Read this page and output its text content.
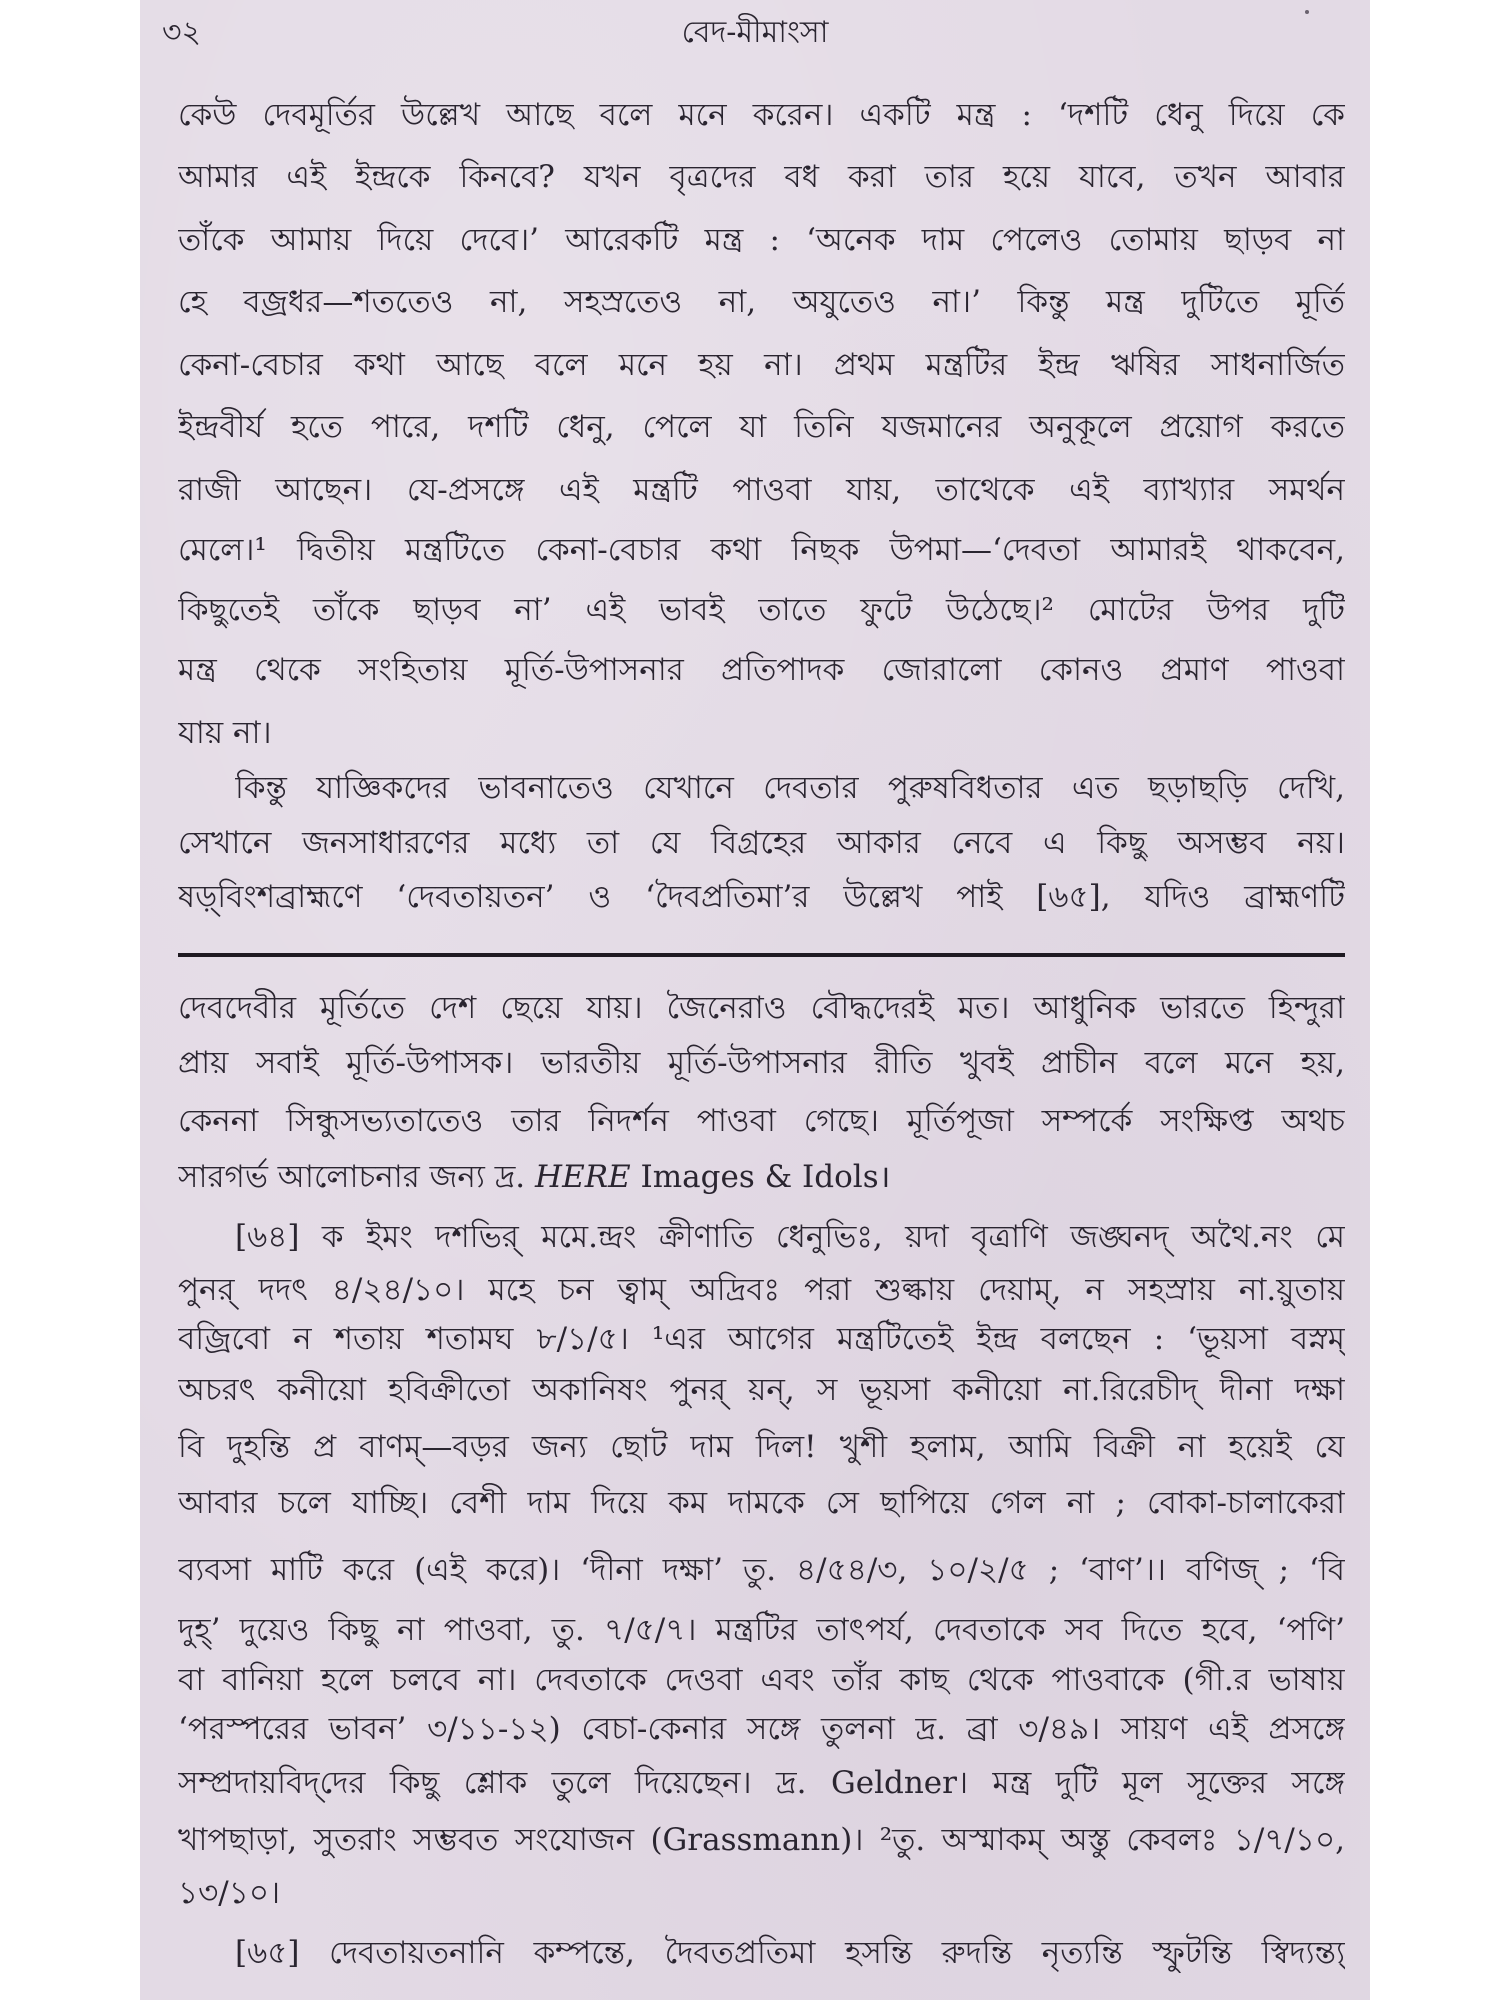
৩২	বেদ-মীমাংসা
কেউ দেবমূর্তির উল্লেখ আছে বলে মনে করেন। একটি মন্ত্র : ‘দশটি ধেনু দিয়ে কে
আমার এই ইন্দ্রকে কিনবে? যখন বৃত্রদের বধ করা তার হয়ে যাবে, তখন আবার
তাঁকে আমায় দিয়ে দেবে।’ আরেকটি মন্ত্র : ‘অনেক দাম পেলেও তোমায় ছাড়ব না
হে বজ্রধর—শততেও না, সহস্রতেও না, অযুতেও না।’ কিন্তু মন্ত্র দুটিতে মূর্তি
কেনা-বেচার কথা আছে বলে মনে হয় না। প্রথম মন্ত্রটির ইন্দ্র ঋষির সাধনার্জিত
ইন্দ্রবীর্য হতে পারে, দশটি ধেনু, পেলে যা তিনি যজমানের অনুকূলে প্রয়োগ করতে
রাজী আছেন। যে-প্রসঙ্গে এই মন্ত্রটি পাওবা যায়, তাথেকে এই ব্যাখ্যার সমর্থন
মেলে।¹ দ্বিতীয় মন্ত্রটিতে কেনা-বেচার কথা নিছক উপমা—‘দেবতা আমারই থাকবেন,
কিছুতেই তাঁকে ছাড়ব না’ এই ভাবই তাতে ফুটে উঠেছে।² মোটের উপর দুটি
মন্ত্র থেকে সংহিতায় মূর্তি-উপাসনার প্রতিপাদক জোরালো কোনও প্রমাণ পাওবা
যায় না।
কিন্তু যাজ্ঞিকদের ভাবনাতেও যেখানে দেবতার পুরুষবিধতার এত ছড়াছড়ি দেখি,
সেখানে জনসাধারণের মধ্যে তা যে বিগ্রহের আকার নেবে এ কিছু অসম্ভব নয়।
ষড়্‌বিংশব্রাহ্মণে ‘দেবতায়তন’ ও ‘দৈবপ্রতিমা’র উল্লেখ পাই [৬৫], যদিও ব্রাহ্মণটি
দেবদেবীর মূর্তিতে দেশ ছেয়ে যায়। জৈনেরাও বৌদ্ধদেরই মত। আধুনিক ভারতে হিন্দুরা
প্রায় সবাই মূর্তি-উপাসক। ভারতীয় মূর্তি-উপাসনার রীতি খুবই প্রাচীন বলে মনে হয়,
কেননা সিন্ধুসভ্যতাতেও তার নিদর্শন পাওবা গেছে। মূর্তিপূজা সম্পর্কে সংক্ষিপ্ত অথচ
সারগর্ভ আলোচনার জন্য দ্র. HERE Images & Idols।
[৬৪] ক ইমং দশভির্ মমে.ন্দ্রং ক্রীণাতি ধেনুভিঃ, য়দা বৃত্রাণি জঙ্ঘনদ্ অথৈ.নং মে
পুনর্ দদৎ ৪/২৪/১০। মহে চন ত্বাম্ অদ্রিবঃ পরা শুল্কায় দেয়াম্, ন সহস্রায় না.য়ুতায়
বজ্রিবো ন শতায় শতামঘ ৮/১/৫। ¹এর আগের মন্ত্রটিতেই ইন্দ্র বলছেন : ‘ভূয়সা বস্নম্
অচরৎ কনীয়ো হবিক্রীতো অকানিষং পুনর্ য়ন্, স ভূয়সা কনীয়ো না.রিরেচীদ্ দীনা দক্ষা
বি দুহন্তি প্র বাণম্—বড়র জন্য ছোট দাম দিল! খুশী হলাম, আমি বিক্রী না হয়েই যে
আবার চলে যাচ্ছি। বেশী দাম দিয়ে কম দামকে সে ছাপিয়ে গেল না ; বোকা-চালাকেরা
ব্যবসা মাটি করে (এই করে)। ‘দীনা দক্ষা’ তু. ৪/৫৪/৩, ১০/২/৫ ; ‘বাণ’।। বণিজ্ ; ‘বি
দুহ্’ দুয়েও কিছু না পাওবা, তু. ৭/৫/৭। মন্ত্রটির তাৎপর্য, দেবতাকে সব দিতে হবে, ‘পণি’
বা বানিয়া হলে চলবে না। দেবতাকে দেওবা এবং তাঁর কাছ থেকে পাওবাকে (গী.র ভাষায়
‘পরস্পরের ভাবন’ ৩/১১-১২) বেচা-কেনার সঙ্গে তুলনা দ্র. ব্রা ৩/৪৯। সায়ণ এই প্রসঙ্গে
সম্প্রদায়বিদ্‌দের কিছু শ্লোক তুলে দিয়েছেন। দ্র. Geldner। মন্ত্র দুটি মূল সূক্তের সঙ্গে
খাপছাড়া, সুতরাং সম্ভবত সংযোজন (Grassmann)। ²তু. অস্মাকম্ অস্তু কেবলঃ ১/৭/১০,
১৩/১০।
[৬৫] দেবতায়তনানি কম্পন্তে, দৈবতপ্রতিমা হসন্তি রুদন্তি নৃত্যন্তি স্ফুটন্তি স্বিদ্যন্ত্য্
